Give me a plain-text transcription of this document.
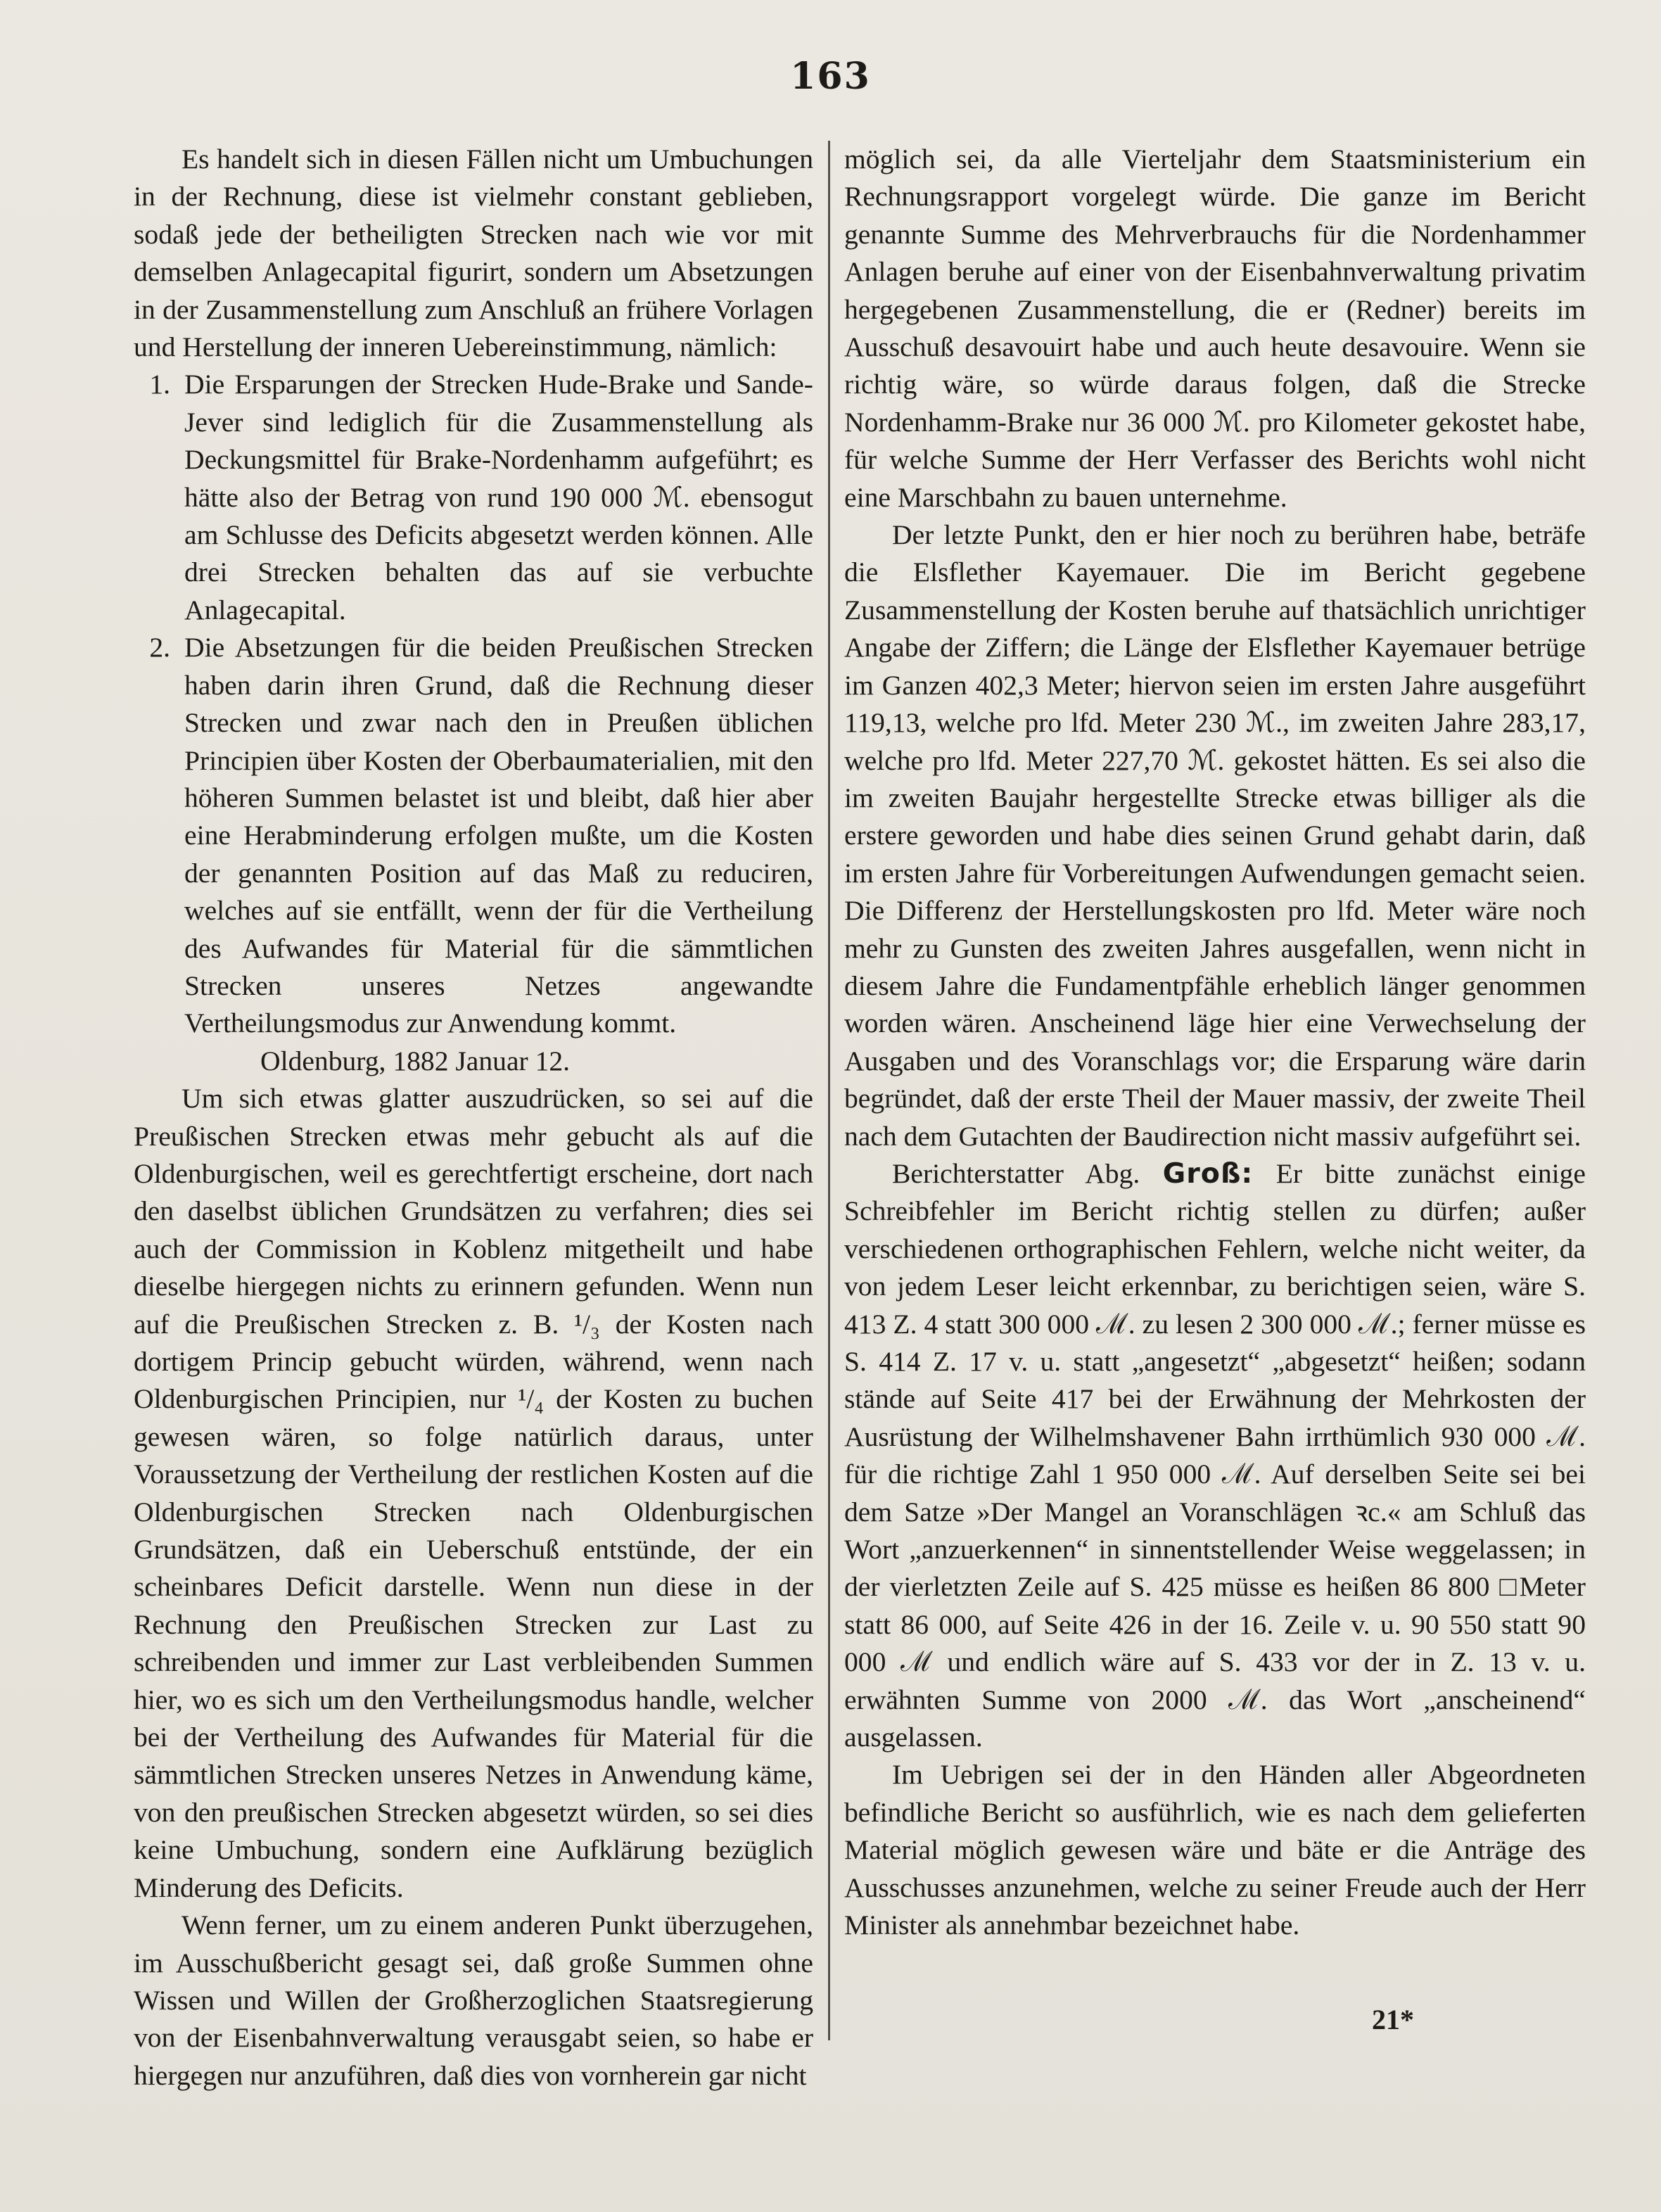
163

Es handelt sich in diesen Fällen nicht um Umbuchungen in der Rechnung, diese ist vielmehr constant geblieben, sodaß jede der betheiligten Strecken nach wie vor mit demselben Anlagecapital figurirt, sondern um Absetzungen in der Zusammenstellung zum Anschluß an frühere Vorlagen und Herstellung der inneren Uebereinstimmung, nämlich:

1. Die Ersparungen der Strecken Hude-Brake und Sande-Jever sind lediglich für die Zusammenstellung als Deckungsmittel für Brake-Nordenhamm aufgeführt; es hätte also der Betrag von rund 190 000 ℳ. ebensogut am Schlusse des Deficits abgesetzt werden können. Alle drei Strecken behalten das auf sie verbuchte Anlagecapital.
2. Die Absetzungen für die beiden Preußischen Strecken haben darin ihren Grund, daß die Rechnung dieser Strecken und zwar nach den in Preußen üblichen Principien über Kosten der Oberbaumaterialien, mit den höheren Summen belastet ist und bleibt, daß hier aber eine Herabminderung erfolgen mußte, um die Kosten der genannten Position auf das Maß zu reduciren, welches auf sie entfällt, wenn der für die Vertheilung des Aufwandes für Material für die sämmtlichen Strecken unseres Netzes angewandte Vertheilungsmodus zur Anwendung kommt.

Oldenburg, 1882 Januar 12.

Um sich etwas glatter auszudrücken, so sei auf die Preußischen Strecken etwas mehr gebucht als auf die Oldenburgischen, weil es gerechtfertigt erscheine, dort nach den daselbst üblichen Grundsätzen zu verfahren; dies sei auch der Commission in Koblenz mitgetheilt und habe dieselbe hiergegen nichts zu erinnern gefunden. Wenn nun auf die Preußischen Strecken z. B. ¹/₃ der Kosten nach dortigem Princip gebucht würden, während, wenn nach Oldenburgischen Principien, nur ¹/₄ der Kosten zu buchen gewesen wären, so folge natürlich daraus, unter Voraussetzung der Vertheilung der restlichen Kosten auf die Oldenburgischen Strecken nach Oldenburgischen Grundsätzen, daß ein Ueberschuß entstünde, der ein scheinbares Deficit darstelle. Wenn nun diese in der Rechnung den Preußischen Strecken zur Last zu schreibenden und immer zur Last verbleibenden Summen hier, wo es sich um den Vertheilungsmodus handle, welcher bei der Vertheilung des Aufwandes für Material für die sämmtlichen Strecken unseres Netzes in Anwendung käme, von den preußischen Strecken abgesetzt würden, so sei dies keine Umbuchung, sondern eine Aufklärung bezüglich Minderung des Deficits.

Wenn ferner, um zu einem anderen Punkt überzugehen, im Ausschußbericht gesagt sei, daß große Summen ohne Wissen und Willen der Großherzoglichen Staatsregierung von der Eisenbahnverwaltung verausgabt seien, so habe er hiergegen nur anzuführen, daß dies von vornherein gar nicht

möglich sei, da alle Vierteljahr dem Staatsministerium ein Rechnungsrapport vorgelegt würde. Die ganze im Bericht genannte Summe des Mehrverbrauchs für die Nordenhammer Anlagen beruhe auf einer von der Eisenbahnverwaltung privatim hergegebenen Zusammenstellung, die er (Redner) bereits im Ausschuß desavouirt habe und auch heute desavouire. Wenn sie richtig wäre, so würde daraus folgen, daß die Strecke Nordenhamm-Brake nur 36 000 ℳ. pro Kilometer gekostet habe, für welche Summe der Herr Verfasser des Berichts wohl nicht eine Marschbahn zu bauen unternehme.

Der letzte Punkt, den er hier noch zu berühren habe, beträfe die Elsflether Kayemauer. Die im Bericht gegebene Zusammenstellung der Kosten beruhe auf thatsächlich unrichtiger Angabe der Ziffern; die Länge der Elsflether Kayemauer betrüge im Ganzen 402,3 Meter; hiervon seien im ersten Jahre ausgeführt 119,13, welche pro lfd. Meter 230 ℳ., im zweiten Jahre 283,17, welche pro lfd. Meter 227,70 ℳ. gekostet hätten. Es sei also die im zweiten Baujahr hergestellte Strecke etwas billiger als die erstere geworden und habe dies seinen Grund gehabt darin, daß im ersten Jahre für Vorbereitungen Aufwendungen gemacht seien. Die Differenz der Herstellungskosten pro lfd. Meter wäre noch mehr zu Gunsten des zweiten Jahres ausgefallen, wenn nicht in diesem Jahre die Fundamentpfähle erheblich länger genommen worden wären. Anscheinend läge hier eine Verwechselung der Ausgaben und des Voranschlags vor; die Ersparung wäre darin begründet, daß der erste Theil der Mauer massiv, der zweite Theil nach dem Gutachten der Baudirection nicht massiv aufgeführt sei.

Berichterstatter Abg. Groß: Er bitte zunächst einige Schreibfehler im Bericht richtig stellen zu dürfen; außer verschiedenen orthographischen Fehlern, welche nicht weiter, da von jedem Leser leicht erkennbar, zu berichtigen seien, wäre S. 413 Z. 4 statt 300 000 ℳ. zu lesen 2 300 000 ℳ.; ferner müsse es S. 414 Z. 17 v. u. statt „angesetzt“ „abgesetzt“ heißen; sodann stände auf Seite 417 bei der Erwähnung der Mehrkosten der Ausrüstung der Wilhelmshavener Bahn irrthümlich 930 000 ℳ. für die richtige Zahl 1 950 000 ℳ. Auf derselben Seite sei bei dem Satze »Der Mangel an Voranschlägen ꝛc.« am Schluß das Wort „anzuerkennen“ in sinnentstellender Weise weggelassen; in der vierletzten Zeile auf S. 425 müsse es heißen 86 800 □Meter statt 86 000, auf Seite 426 in der 16. Zeile v. u. 90 550 statt 90 000 ℳ und endlich wäre auf S. 433 vor der in Z. 13 v. u. erwähnten Summe von 2000 ℳ. das Wort „anscheinend“ ausgelassen.

Im Uebrigen sei der in den Händen aller Abgeordneten befindliche Bericht so ausführlich, wie es nach dem gelieferten Material möglich gewesen wäre und bäte er die Anträge des Ausschusses anzunehmen, welche zu seiner Freude auch der Herr Minister als annehmbar bezeichnet habe.

21*
